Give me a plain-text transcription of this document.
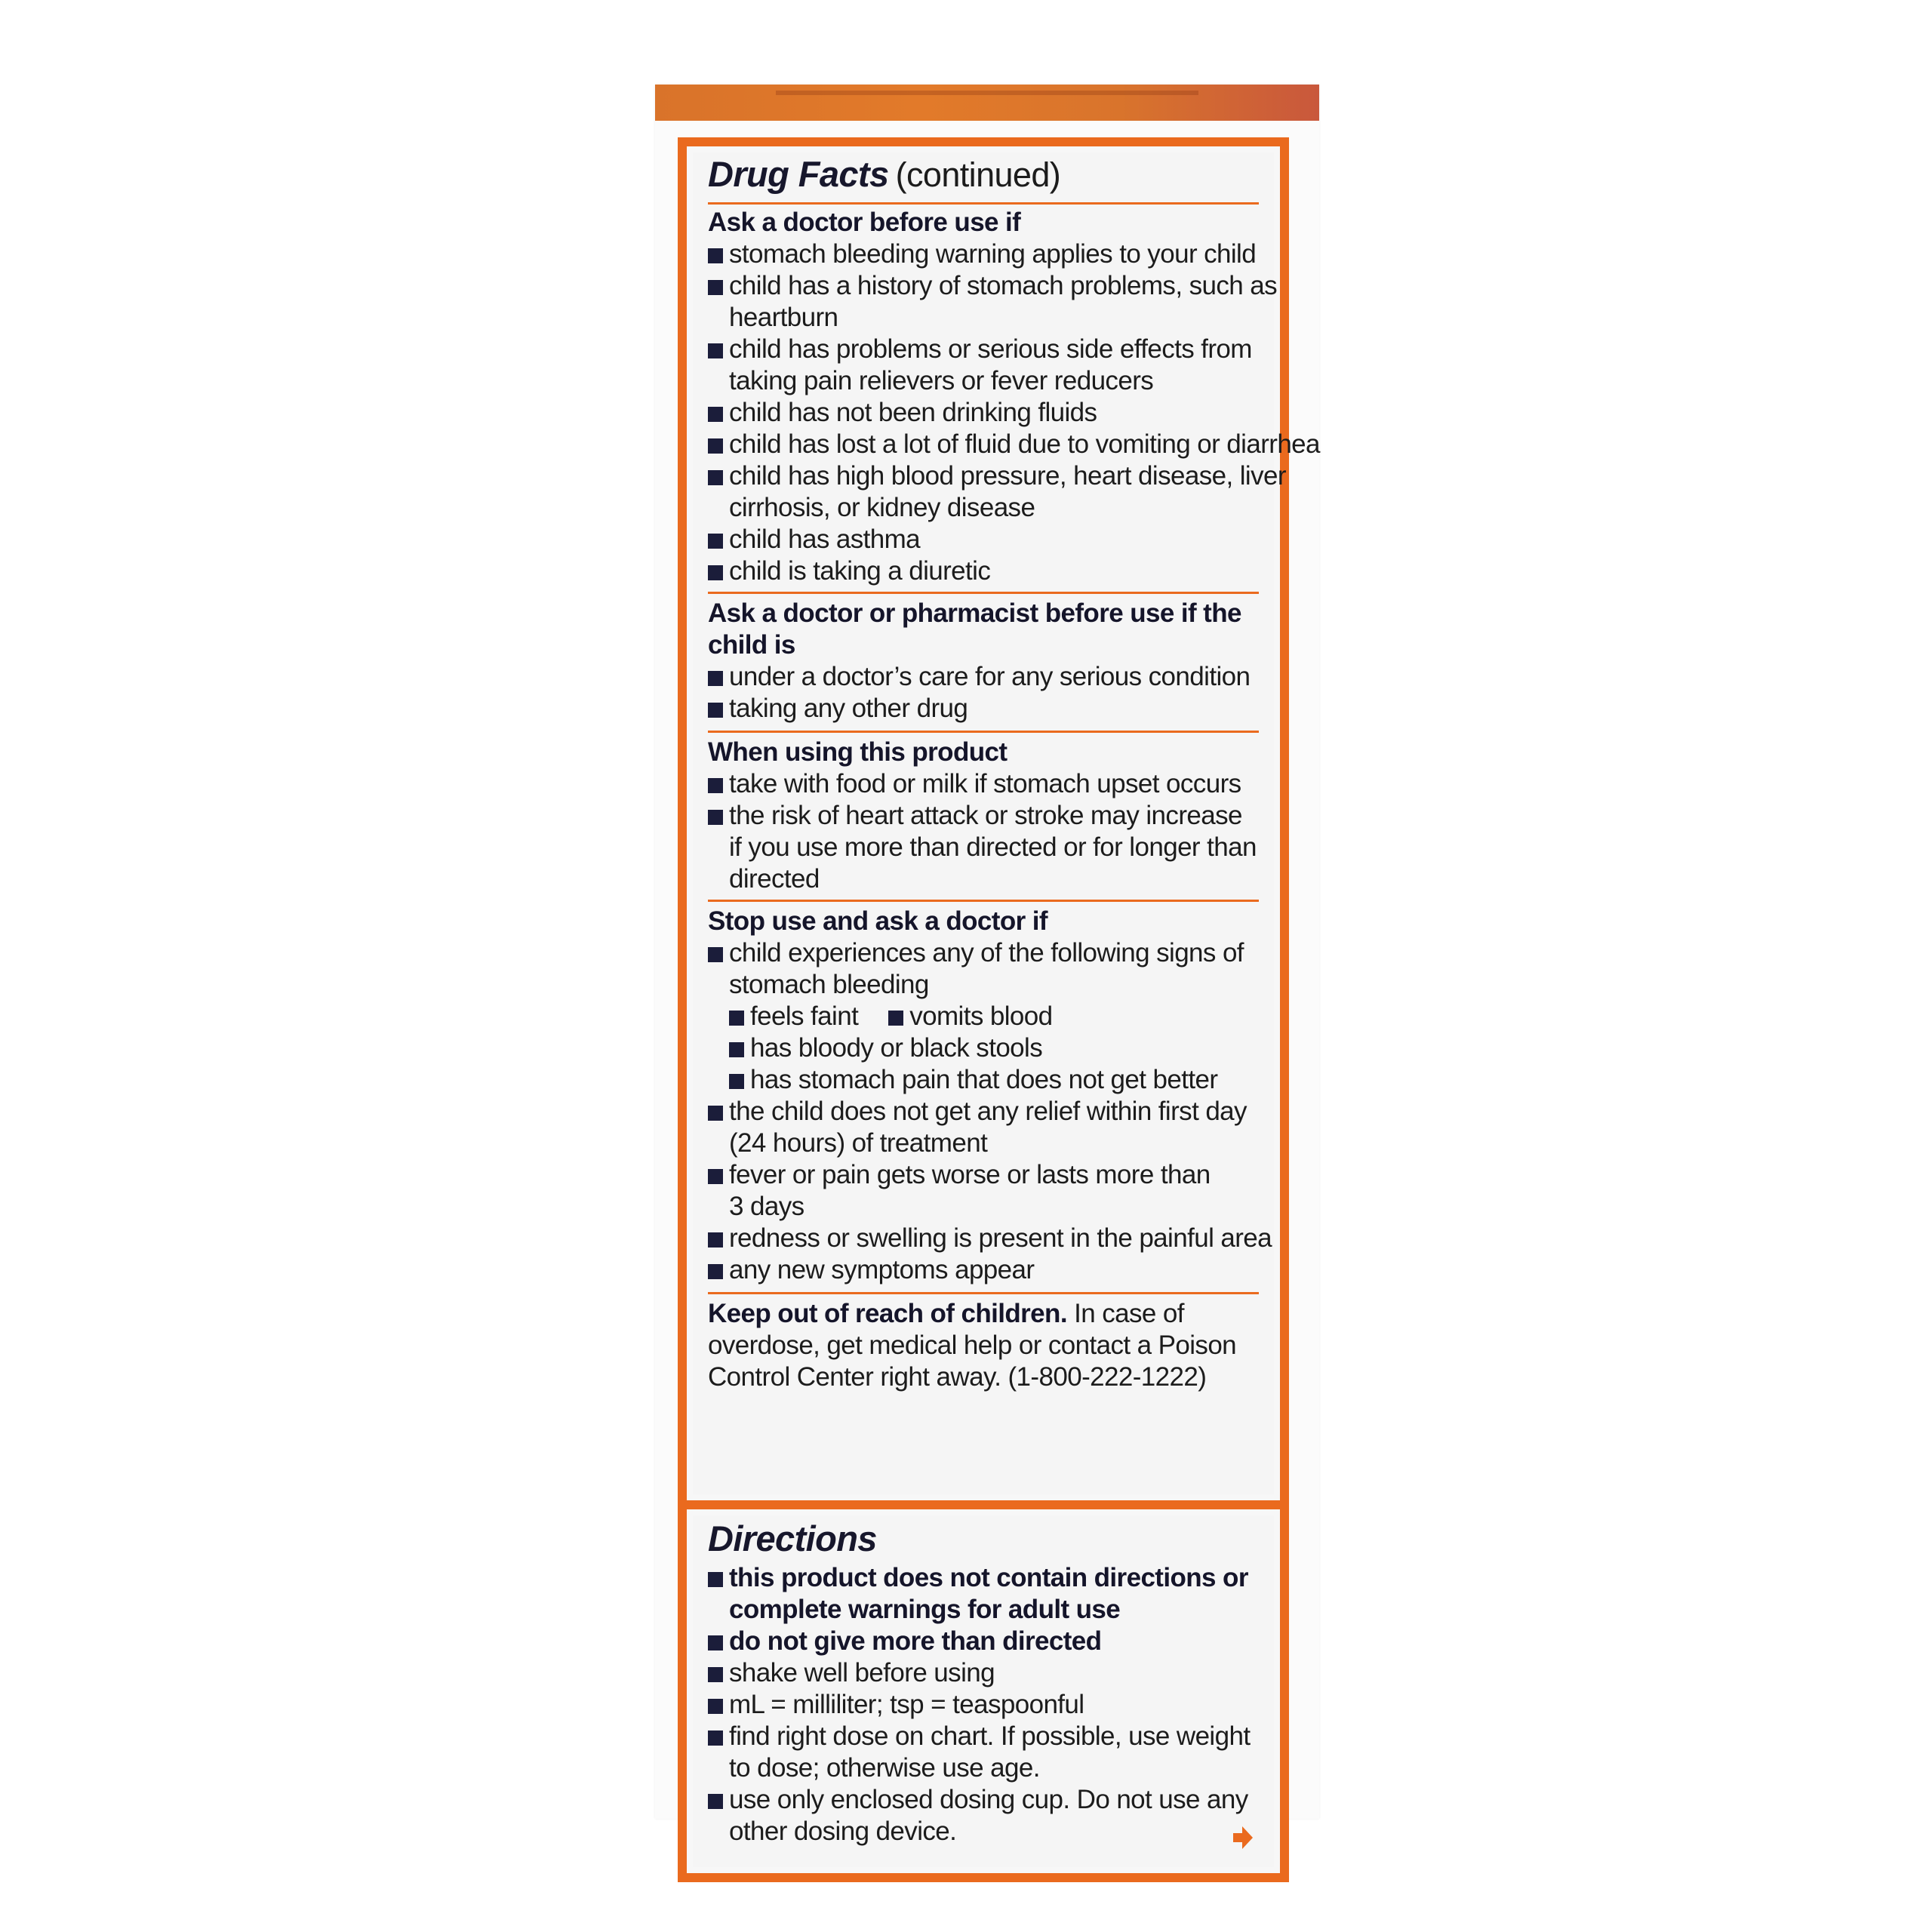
Drug Facts (continued)
Ask a doctor before use if
stomach bleeding warning applies to your child
child has a history of stomach problems, such as
heartburn
child has problems or serious side effects from
taking pain relievers or fever reducers
child has not been drinking fluids
child has lost a lot of fluid due to vomiting or diarrhea
child has high blood pressure, heart disease, liver
cirrhosis, or kidney disease
child has asthma
child is taking a diuretic
Ask a doctor or pharmacist before use if the
child is
under a doctor’s care for any serious condition
taking any other drug
When using this product
take with food or milk if stomach upset occurs
the risk of heart attack or stroke may increase
if you use more than directed or for longer than
directed
Stop use and ask a doctor if
child experiences any of the following signs of
stomach bleeding
feels faint vomits blood
has bloody or black stools
has stomach pain that does not get better
the child does not get any relief within first day
(24 hours) of treatment
fever or pain gets worse or lasts more than
3 days
redness or swelling is present in the painful area
any new symptoms appear
Keep out of reach of children. In case of
overdose, get medical help or contact a Poison
Control Center right away. (1-800-222-1222)
Directions
this product does not contain directions or
complete warnings for adult use
do not give more than directed
shake well before using
mL = milliliter; tsp = teaspoonful
find right dose on chart. If possible, use weight
to dose; otherwise use age.
use only enclosed dosing cup. Do not use any
other dosing device.
